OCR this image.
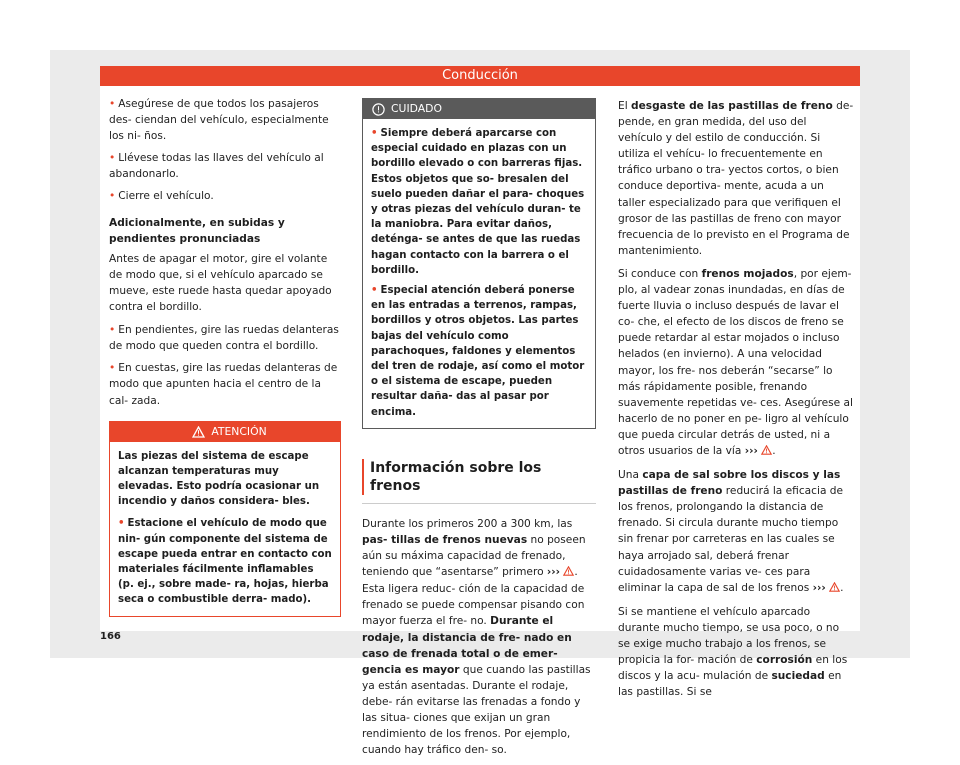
Conducción

• Asegúrese de que todos los pasajeros des- ciendan del vehículo, especialmente los ni- ños.

• Llévese todas las llaves del vehículo al abandonarlo.

• Cierre el vehículo.

Adicionalmente, en subidas y pendientes pronunciadas

Antes de apagar el motor, gire el volante de modo que, si el vehículo aparcado se mueve, este ruede hasta quedar apoyado contra el bordillo.

• En pendientes, gire las ruedas delanteras de modo que queden contra el bordillo.

• En cuestas, gire las ruedas delanteras de modo que apunten hacia el centro de la cal- zada.

ATENCIÓN

Las piezas del sistema de escape alcanzan temperaturas muy elevadas. Esto podría ocasionar un incendio y daños considera- bles.

• Estacione el vehículo de modo que nin- gún componente del sistema de escape pueda entrar en contacto con materiales fácilmente inflamables (p. ej., sobre made- ra, hojas, hierba seca o combustible derra- mado).

CUIDADO

• Siempre deberá aparcarse con especial cuidado en plazas con un bordillo elevado o con barreras fijas. Estos objetos que so- bresalen del suelo pueden dañar el para- choques y otras piezas del vehículo duran- te la maniobra. Para evitar daños, deténga- se antes de que las ruedas hagan contacto con la barrera o el bordillo.

• Especial atención deberá ponerse en las entradas a terrenos, rampas, bordillos y otros objetos. Las partes bajas del vehículo como parachoques, faldones y elementos del tren de rodaje, así como el motor o el sistema de escape, pueden resultar daña- das al pasar por encima.

Información sobre los frenos

Durante los primeros 200 a 300 km, las pas- tillas de frenos nuevas no poseen aún su máxima capacidad de frenado, teniendo que “asentarse” primero ››› . Esta ligera reduc- ción de la capacidad de frenado se puede compensar pisando con mayor fuerza el fre- no. Durante el rodaje, la distancia de fre- nado en caso de frenada total o de emer- gencia es mayor que cuando las pastillas ya están asentadas. Durante el rodaje, debe- rán evitarse las frenadas a fondo y las situa- ciones que exijan un gran rendimiento de los frenos. Por ejemplo, cuando hay tráfico den- so.

El desgaste de las pastillas de freno de- pende, en gran medida, del uso del vehículo y del estilo de conducción. Si utiliza el vehícu- lo frecuentemente en tráfico urbano o tra- yectos cortos, o bien conduce deportiva- mente, acuda a un taller especializado para que verifiquen el grosor de las pastillas de freno con mayor frecuencia de lo previsto en el Programa de mantenimiento.

Si conduce con frenos mojados, por ejem- plo, al vadear zonas inundadas, en días de fuerte lluvia o incluso después de lavar el co- che, el efecto de los discos de freno se puede retardar al estar mojados o incluso helados (en invierno). A una velocidad mayor, los fre- nos deberán “secarse” lo más rápidamente posible, frenando suavemente repetidas ve- ces. Asegúrese al hacerlo de no poner en pe- ligro al vehículo que pueda circular detrás de usted, ni a otros usuarios de la vía ››› .

Una capa de sal sobre los discos y las pastillas de freno reducirá la eficacia de los frenos, prolongando la distancia de frenado. Si circula durante mucho tiempo sin frenar por carreteras en las cuales se haya arrojado sal, deberá frenar cuidadosamente varias ve- ces para eliminar la capa de sal de los frenos ››› .

Si se mantiene el vehículo aparcado durante mucho tiempo, se usa poco, o no se exige mucho trabajo a los frenos, se propicia la for- mación de corrosión en los discos y la acu- mulación de suciedad en las pastillas. Si se

166
